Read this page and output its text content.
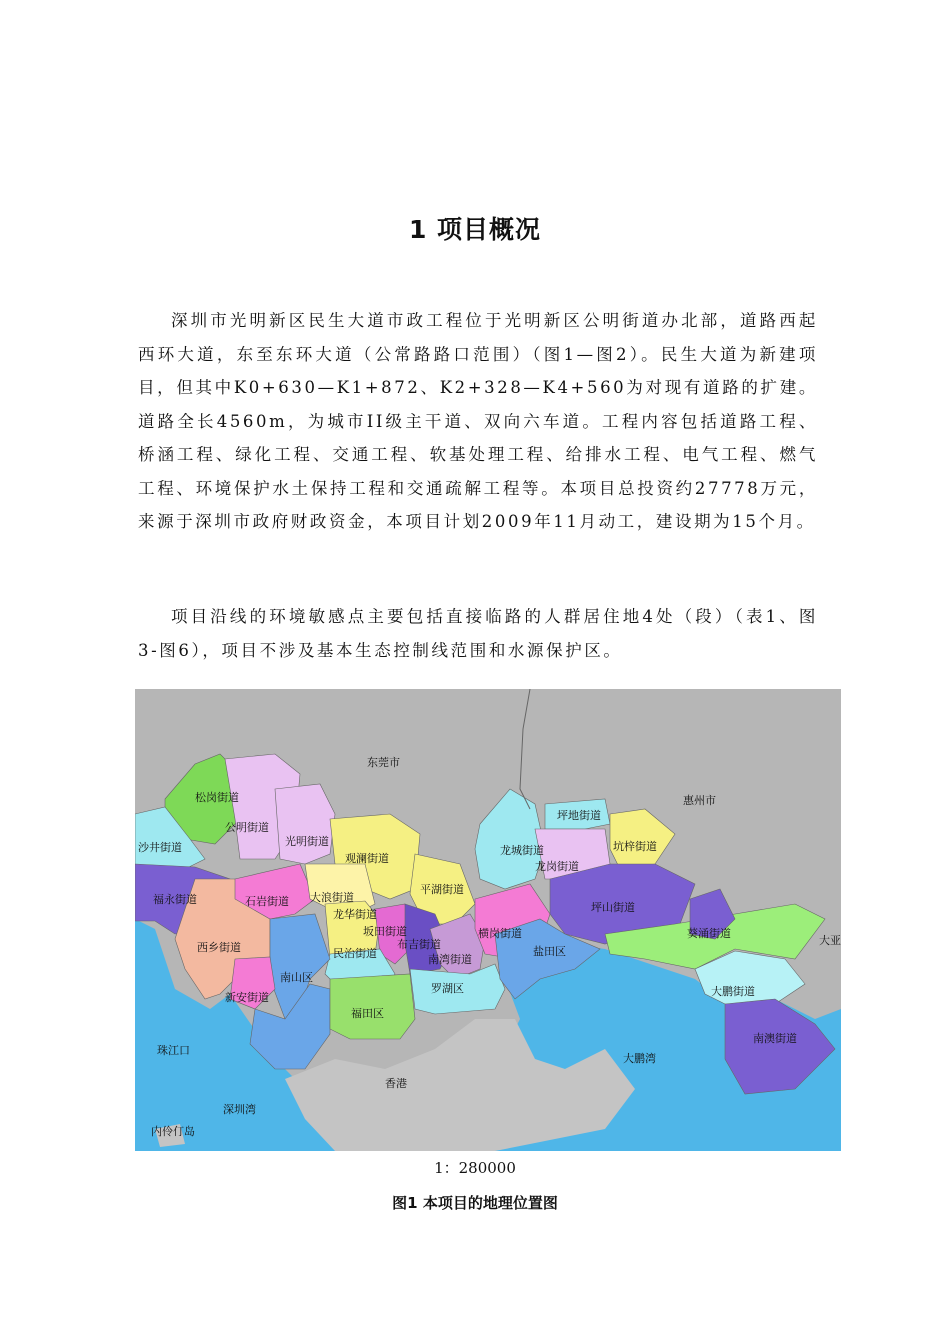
1 项目概况

深圳市光明新区民生大道市政工程位于光明新区公明街道办北部，道路西起西环大道，东至东环大道（公常路路口范围）（图1—图2）。民生大道为新建项目，但其中K0+630—K1+872、K2+328—K4+560为对现有道路的扩建。道路全长4560m，为城市II级主干道、双向六车道。工程内容包括道路工程、桥涵工程、绿化工程、交通工程、软基处理工程、给排水工程、电气工程、燃气工程、环境保护水土保持工程和交通疏解工程等。本项目总投资约27778万元，来源于深圳市政府财政资金，本项目计划2009年11月动工，建设期为15个月。

项目沿线的环境敏感点主要包括直接临路的人群居住地4处（段）（表1、图3-图6），项目不涉及基本生态控制线范围和水源保护区。

东莞市
惠州市
松岗街道
公明街道
光明街道
沙井街道
福永街道
西乡街道
石岩街道 大浪街道
观澜街道
平湖街道
龙华街道
坂田街道
民治街道
布吉街道
南湾街道
横岗街道
龙城街道
坪地街道
坑梓街道
龙岗街道
坪山街道
葵涌街道
大亚
大鹏街道
南澳街道
新安街道
南山区
福田区
罗湖区
盐田区
珠江口
深圳湾
香港
大鹏湾
内伶仃岛
1：280000
图1 本项目的地理位置图
